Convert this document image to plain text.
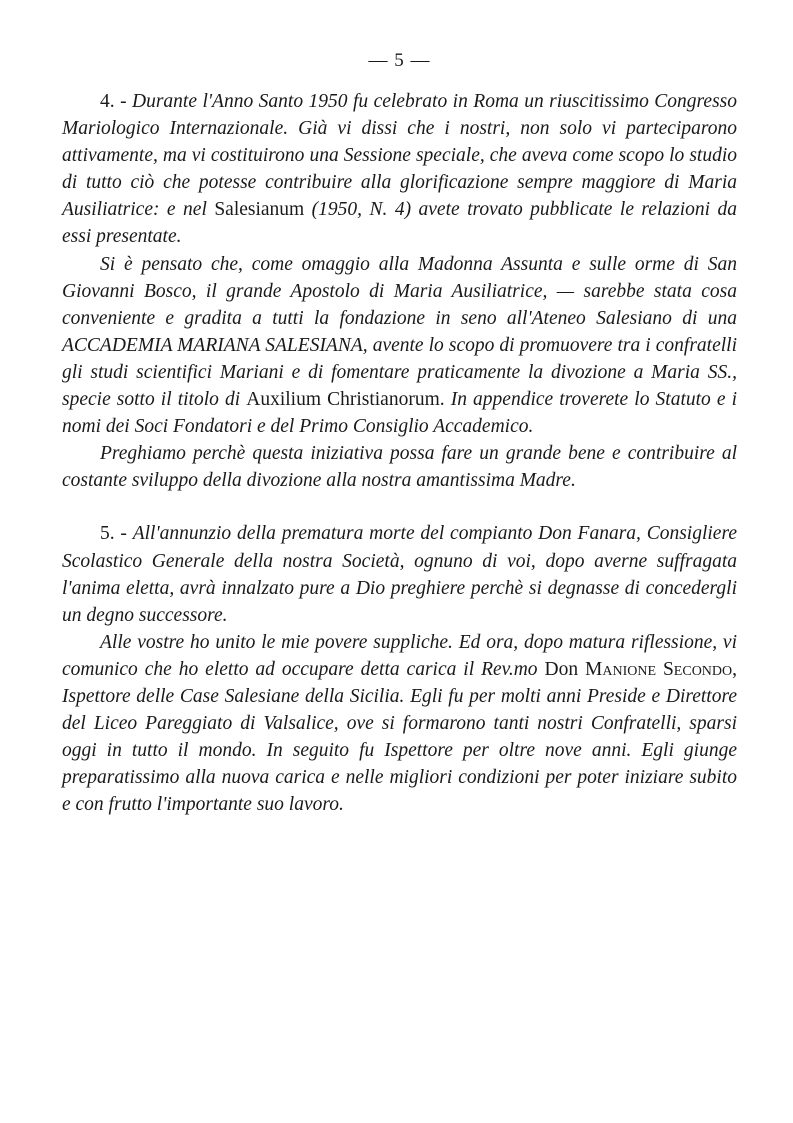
— 5 —

4. - Durante l'Anno Santo 1950 fu celebrato in Roma un riuscitissimo Congresso Mariologico Internazionale. Già vi dissi che i nostri, non solo vi parteciparono attivamente, ma vi costituirono una Sessione speciale, che aveva come scopo lo studio di tutto ciò che potesse contribuire alla glorificazione sempre maggiore di Maria Ausiliatrice: e nel Salesianum (1950, N. 4) avete trovato pubblicate le relazioni da essi presentate.

Si è pensato che, come omaggio alla Madonna Assunta e sulle orme di San Giovanni Bosco, il grande Apostolo di Maria Ausiliatrice, — sarebbe stata cosa conveniente e gradita a tutti la fondazione in seno all'Ateneo Salesiano di una ACCADEMIA MARIANA SALESIANA, avente lo scopo di promuovere tra i confratelli gli studi scientifici Mariani e di fomentare praticamente la divozione a Maria SS., specie sotto il titolo di Auxilium Christianorum. In appendice troverete lo Statuto e i nomi dei Soci Fondatori e del Primo Consiglio Accademico.

Preghiamo perchè questa iniziativa possa fare un grande bene e contribuire al costante sviluppo della divozione alla nostra amantissima Madre.

5. - All'annunzio della prematura morte del compianto Don Fanara, Consigliere Scolastico Generale della nostra Società, ognuno di voi, dopo averne suffragata l'anima eletta, avrà innalzato pure a Dio preghiere perchè si degnasse di concedergli un degno successore.

Alle vostre ho unito le mie povere suppliche. Ed ora, dopo matura riflessione, vi comunico che ho eletto ad occupare detta carica il Rev.mo Don Manione Secondo, Ispettore delle Case Salesiane della Sicilia. Egli fu per molti anni Preside e Direttore del Liceo Pareggiato di Valsalice, ove si formarono tanti nostri Confratelli, sparsi oggi in tutto il mondo. In seguito fu Ispettore per oltre nove anni. Egli giunge preparatissimo alla nuova carica e nelle migliori condizioni per poter iniziare subito e con frutto l'importante suo lavoro.
